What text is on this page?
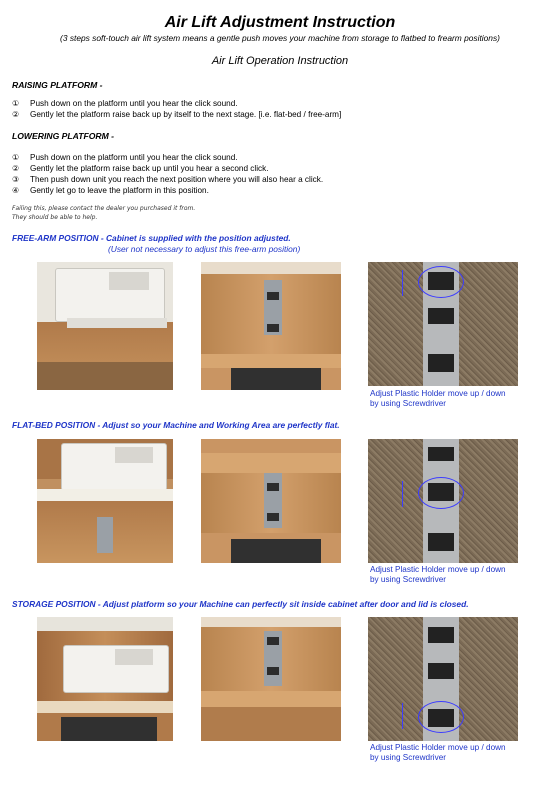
Air Lift Adjustment Instruction
(3 steps soft-touch air lift system means a gentle push moves your machine from storage to flatbed to frearm positions)
Air Lift Operation Instruction
RAISING PLATFORM -
① Push down on the platform until you hear the click sound.
② Gently let the platform raise back up by itself to the next stage. [i.e. flat-bed / free-arm]
LOWERING PLATFORM -
① Push down on the platform until you hear the click sound.
② Gently let the platform raise back up until you hear a second click.
③ Then push down unit you reach the next position where you will also hear a click.
④ Gently let go to leave the platform in this position.
Failing this, please contact the dealer you purchased it from.
They should be able to help.
FREE-ARM POSITION - Cabinet is supplied with the position adjusted.
(User not necessary to adjust this free-arm position)
Adjust Plastic Holder move up / down
by using Screwdriver
FLAT-BED POSITION - Adjust so your Machine and Working Area are perfectly flat.
Adjust Plastic Holder move up / down
by using Screwdriver
STORAGE POSITION - Adjust platform so your Machine can perfectly sit inside cabinet after door and lid is closed.
Adjust Plastic Holder move up / down
by using Screwdriver
